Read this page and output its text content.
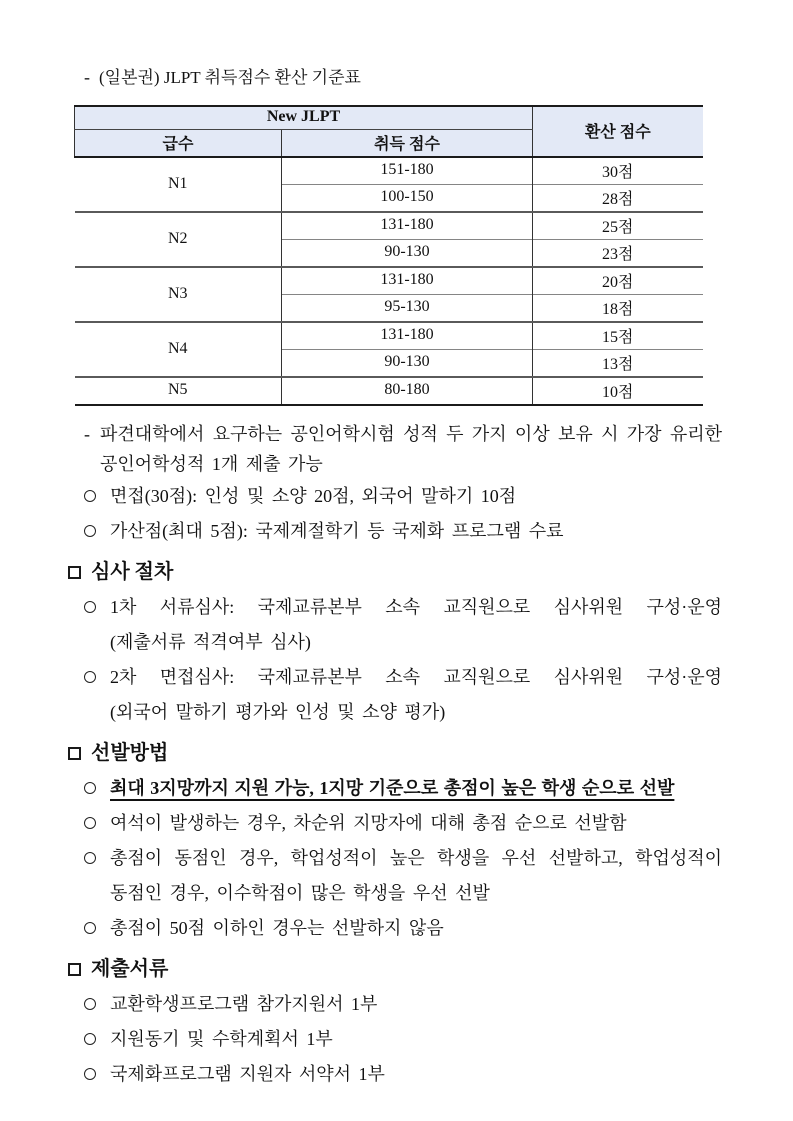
- (일본권) JLPT 취득점수 환산 기준표
New JLPT		환산 점수
급수	취득 점수	
N1	151-180	30점
	100-150	28점
N2	131-180	25점
	90-130	23점
N3	131-180	20점
	95-130	18점
N4	131-180	15점
	90-130	13점
N5	80-180	10점
- 파견대학에서 요구하는 공인어학시험 성적 두 가지 이상 보유 시 가장 유리한
공인어학성적 1개 제출 가능
면접(30점): 인성 및 소양 20점, 외국어 말하기 10점
가산점(최대 5점): 국제계절학기 등 국제화 프로그램 수료
심사 절차
1차 서류심사: 국제교류본부 소속 교직원으로 심사위원 구성·운영
(제출서류 적격여부 심사)
2차 면접심사: 국제교류본부 소속 교직원으로 심사위원 구성·운영
(외국어 말하기 평가와 인성 및 소양 평가)
선발방법
최대 3지망까지 지원 가능, 1지망 기준으로 총점이 높은 학생 순으로 선발
여석이 발생하는 경우, 차순위 지망자에 대해 총점 순으로 선발함
총점이 동점인 경우, 학업성적이 높은 학생을 우선 선발하고, 학업성적이
동점인 경우, 이수학점이 많은 학생을 우선 선발
총점이 50점 이하인 경우는 선발하지 않음
제출서류
교환학생프로그램 참가지원서 1부
지원동기 및 수학계획서 1부
국제화프로그램 지원자 서약서 1부
